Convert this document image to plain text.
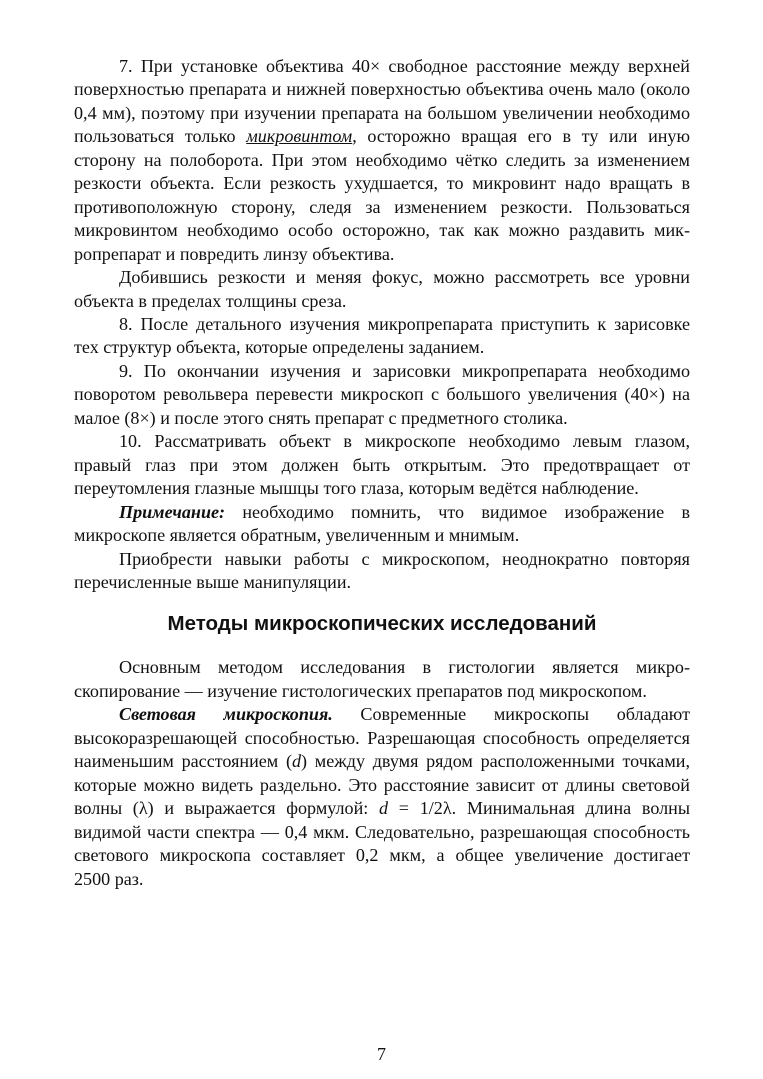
7. При установке объектива 40× свободное расстояние между верхней поверхностью препарата и нижней поверхностью объектива очень мало (около 0,4 мм), поэтому при изучении препарата на большом увеличении необходимо пользоваться только микровинтом, осторожно вращая его в ту или иную сторону на полоборота. При этом необходимо чётко следить за изменением резкости объекта. Если резкость ухудшается, то микровинт надо вращать в противоположную сторону, следя за изменением резкости. Пользоваться микровинтом необходимо особо осторожно, так как можно раздавить микропрепарат и повредить линзу объектива.

Добившись резкости и меняя фокус, можно рассмотреть все уровни объекта в пределах толщины среза.

8. После детального изучения микропрепарата приступить к зарисовке тех структур объекта, которые определены заданием.

9. По окончании изучения и зарисовки микропрепарата необходимо поворотом револьвера перевести микроскоп с большого увеличения (40×) на малое (8×) и после этого снять препарат с предметного столика.

10. Рассматривать объект в микроскопе необходимо левым глазом, правый глаз при этом должен быть открытым. Это предотвращает от переутомления глазные мышцы того глаза, которым ведётся наблюдение.

Примечание: необходимо помнить, что видимое изображение в микроскопе является обратным, увеличенным и мнимым.

Приобрести навыки работы с микроскопом, неоднократно повторяя перечисленные выше манипуляции.

Методы микроскопических исследований

Основным методом исследования в гистологии является микроскопирование — изучение гистологических препаратов под микроскопом.

Световая микроскопия. Современные микроскопы обладают высокоразрешающей способностью. Разрешающая способность определяется наименьшим расстоянием (d) между двумя рядом расположенными точками, которые можно видеть раздельно. Это расстояние зависит от длины световой волны (λ) и выражается формулой: d = 1/2λ. Минимальная длина волны видимой части спектра — 0,4 мкм. Следовательно, разрешающая способность светового микроскопа составляет 0,2 мкм, а общее увеличение достигает 2500 раз.

7
